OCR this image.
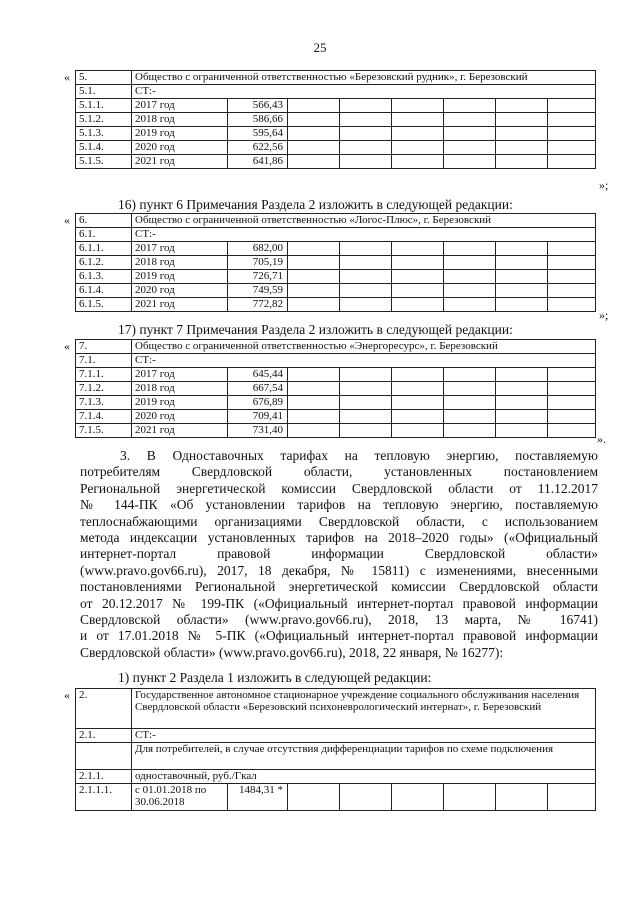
25
« 5.	Общество с ограниченной ответственностью «Березовский рудник», г. Березовский							
5.1.	СТ:-							
5.1.1.	2017 год	566,43						
5.1.2.	2018 год	586,66						
5.1.3.	2019 год	595,64						
5.1.4.	2020 год	622,56						
5.1.5.	2021 год	641,86						
»;
16) пункт 6 Примечания Раздела 2 изложить в следующей редакции:
« 6.	Общество с ограниченной ответственностью «Логос-Плюс», г. Березовский							
6.1.	СТ:-							
6.1.1.	2017 год	682,00						
6.1.2.	2018 год	705,19						
6.1.3.	2019 год	726,71						
6.1.4.	2020 год	749,59						
6.1.5.	2021 год	772,82						
»;
17) пункт 7 Примечания Раздела 2 изложить в следующей редакции:
« 7.	Общество с ограниченной ответственностью «Энергоресурс», г. Березовский							
7.1.	СТ:-							
7.1.1.	2017 год	645,44						
7.1.2.	2018 год	667,54						
7.1.3.	2019 год	676,89						
7.1.4.	2020 год	709,41						
7.1.5.	2021 год	731,40						
».
3. В Одноставочных тарифах на тепловую энергию, поставляемую
потребителям Свердловской области, установленных постановлением
Региональной энергетической комиссии Свердловской области от 11.12.2017
№ 144-ПК «Об установлении тарифов на тепловую энергию, поставляемую
теплоснабжающими организациями Свердловской области, с использованием
метода индексации установленных тарифов на 2018–2020 годы» («Официальный
интернет-портал правовой информации Свердловской области»
(www.pravo.gov66.ru), 2017, 18 декабря, № 15811) с изменениями, внесенными
постановлениями Региональной энергетической комиссии Свердловской области
от 20.12.2017 № 199-ПК («Официальный интернет-портал правовой информации
Свердловской области» (www.pravo.gov66.ru), 2018, 13 марта, № 16741)
и от 17.01.2018 № 5-ПК («Официальный интернет-портал правовой информации
Свердловской области» (www.pravo.gov66.ru), 2018, 22 января, № 16277):
1) пункт 2 Раздела 1 изложить в следующей редакции:
« 2.	Государственное автономное стационарное учреждение социального обслуживания населения Свердловской области «Березовский психоневрологический интернат», г. Березовский							
2.1.	СТ:-							
	Для потребителей, в случае отсутствия дифференциации тарифов по схеме подключения							
2.1.1.	одноставочный, руб./Гкал							
2.1.1.1.	с 01.01.2018 по 30.06.2018	1484,31 *						
